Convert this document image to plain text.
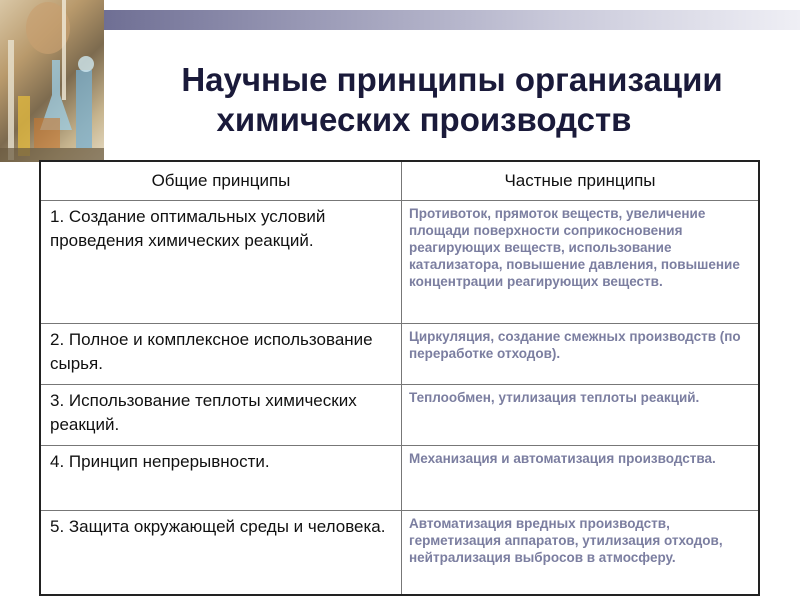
Научные принципы организации
химических производств
Общие принципы	Частные принципы
1. Создание оптимальных условий проведения химических реакций.	Противоток, прямоток веществ, увеличение площади поверхности соприкосновения реагирующих веществ, использование катализатора, повышение давления, повышение концентрации реагирующих веществ.
2. Полное и комплексное использование сырья.	Циркуляция, создание смежных производств (по переработке отходов).
3. Использование теплоты химических реакций.	Теплообмен, утилизация теплоты реакций.
4. Принцип непрерывности.	Механизация и автоматизация производства.
5. Защита окружающей среды и человека.	Автоматизация вредных производств, герметизация аппаратов, утилизация отходов, нейтрализация выбросов в атмосферу.
